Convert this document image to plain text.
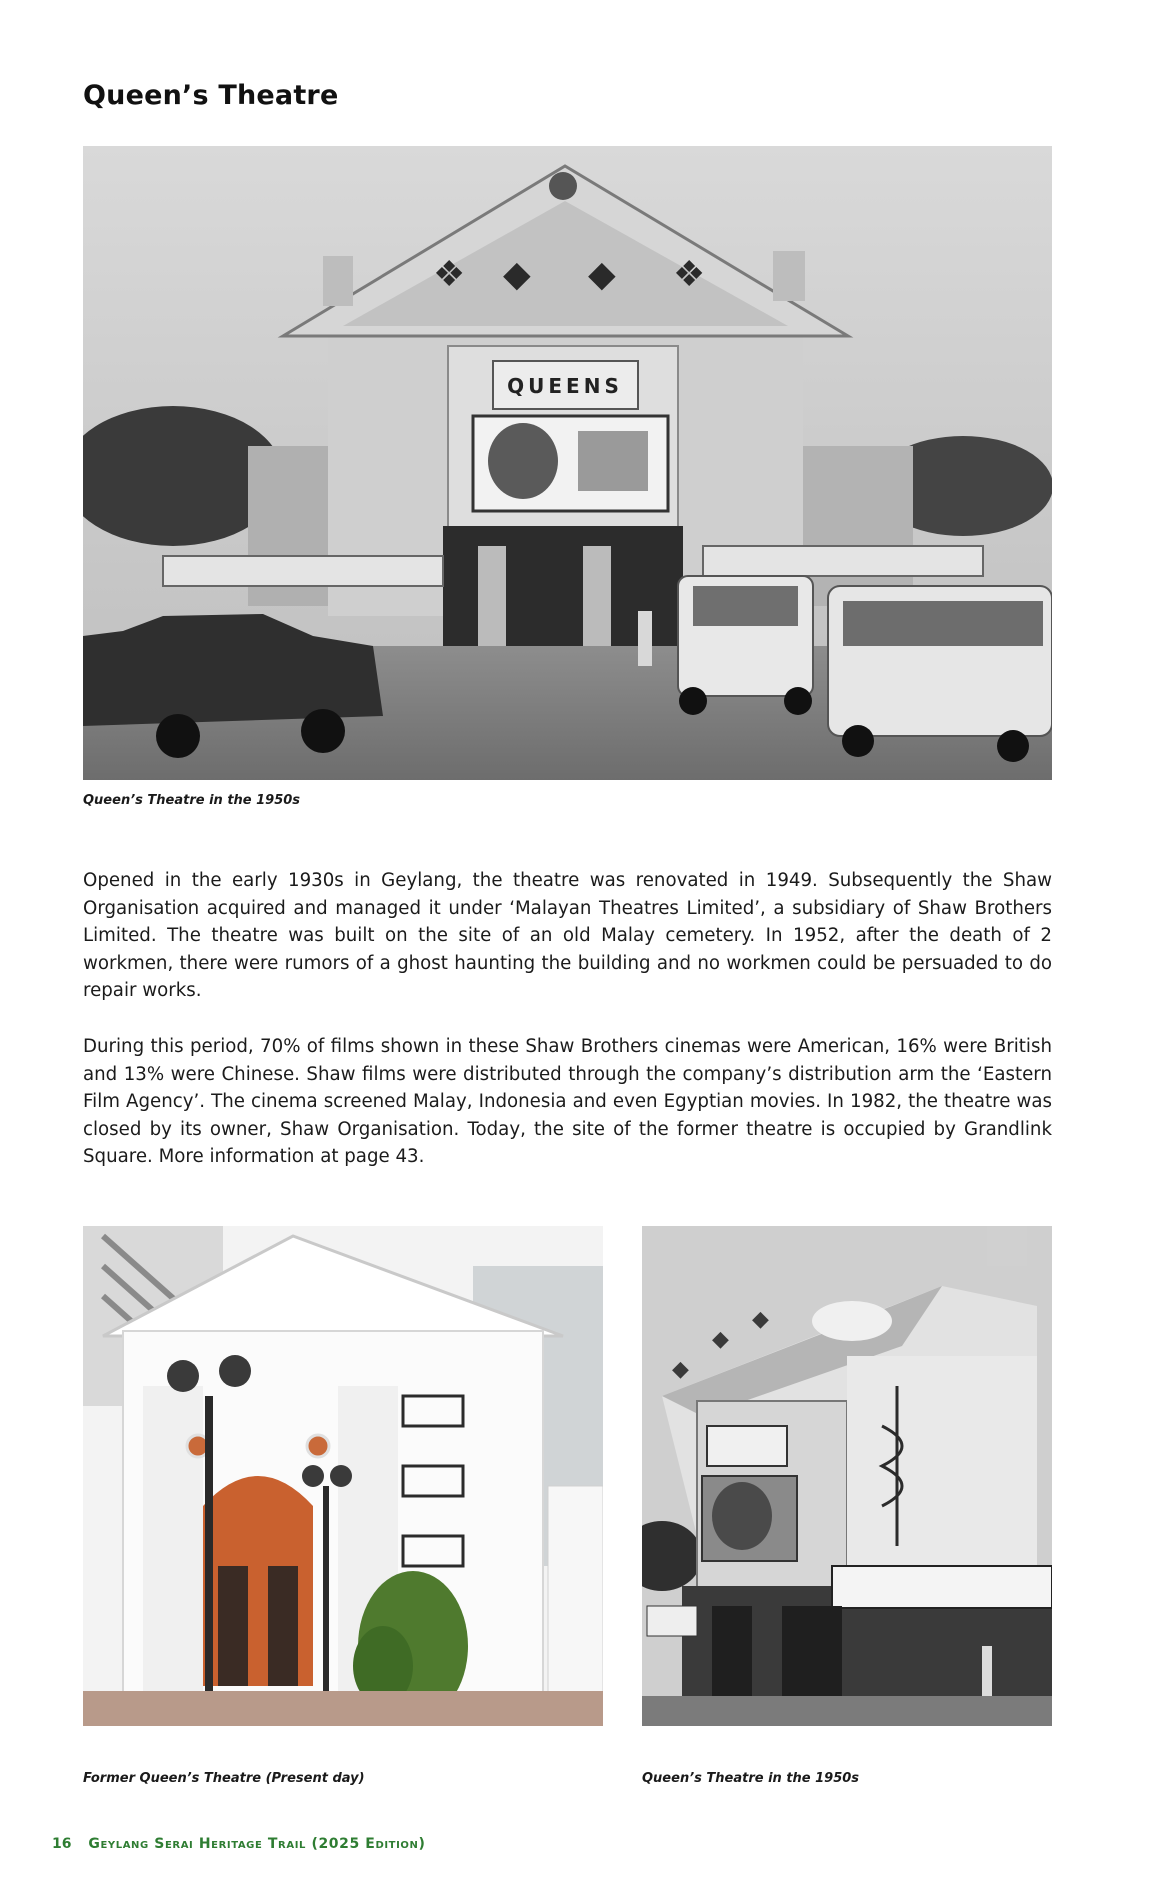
Queen’s Theatre
❖ ◆ ◆ ❖
QUEENS
Queen’s Theatre in the 1950s

Opened in the early 1930s in Geylang, the theatre was renovated in 1949. Subsequently the Shaw Organisation acquired and managed it under ‘Malayan Theatres Limited’, a subsidiary of Shaw Brothers Limited. The theatre was built on the site of an old Malay cemetery. In 1952, after the death of 2 workmen, there were rumors of a ghost haunting the building and no workmen could be persuaded to do repair works.

During this period, 70% of films shown in these Shaw Brothers cinemas were American, 16% were British and 13% were Chinese. Shaw films were distributed through the company’s distribution arm the ‘Eastern Film Agency’. The cinema screened Malay, Indonesia and even Egyptian movies. In 1982, the theatre was closed by its owner, Shaw Organisation. Today, the site of the former theatre is occupied by Grandlink Square. More information at page 43.

Former Queen’s Theatre (Present day)
◆
◆
◆
Queen’s Theatre in the 1950s
16 Geylang Serai Heritage Trail (2025 Edition)
